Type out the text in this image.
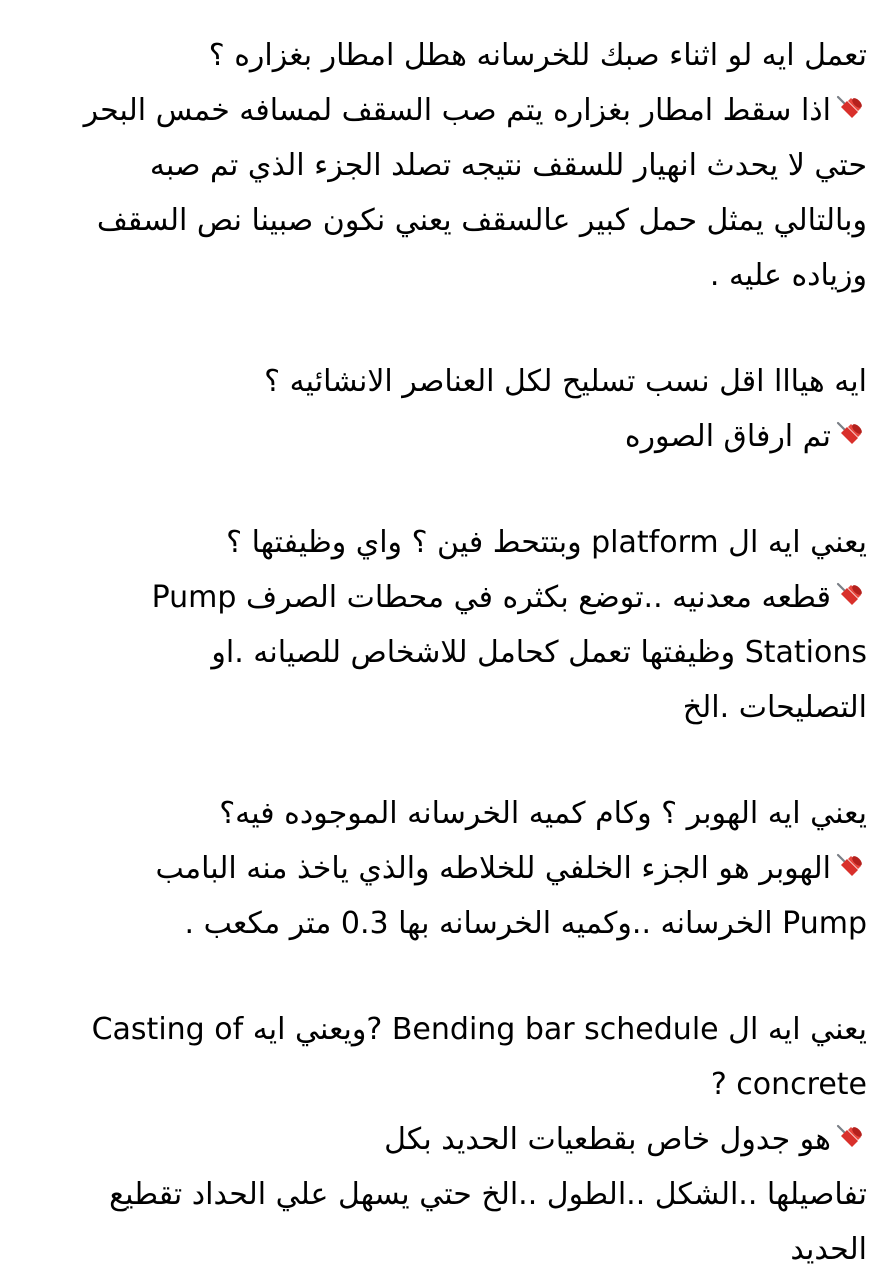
تعمل ايه لو اثناء صبك للخرسانه هطل امطار بغزاره ؟
اذا سقط امطار بغزاره يتم صب السقف لمسافه خمس البحر
حتي لا يحدث انهيار للسقف نتيجه تصلد الجزء الذي تم صبه
وبالتالي يمثل حمل كبير عالسقف يعني نكون صبينا نص السقف
وزياده عليه .
ايه هيااا اقل نسب تسليح لكل العناصر الانشائيه ؟
تم ارفاق الصوره
يعني ايه ال platform وبتتحط فين ؟ واي وظيفتها ؟
قطعه معدنيه ..توضع بكثره في محطات الصرف Pump
Stations وظيفتها تعمل كحامل للاشخاص للصيانه .او
التصليحات .الخ
يعني ايه الهوبر ؟ وكام كميه الخرسانه الموجوده فيه؟
الهوبر هو الجزء الخلفي للخلاطه والذي ياخذ منه البامب
Pump الخرسانه ..وكميه الخرسانه بها 0.3 متر مكعب .
يعني ايه ال Bending bar schedule ?ويعني ايه Casting of
concrete ?
هو جدول خاص بقطعيات الحديد بكل
تفاصيلها ..الشكل ..الطول ..الخ حتي يسهل علي الحداد تقطيع
الحديد
